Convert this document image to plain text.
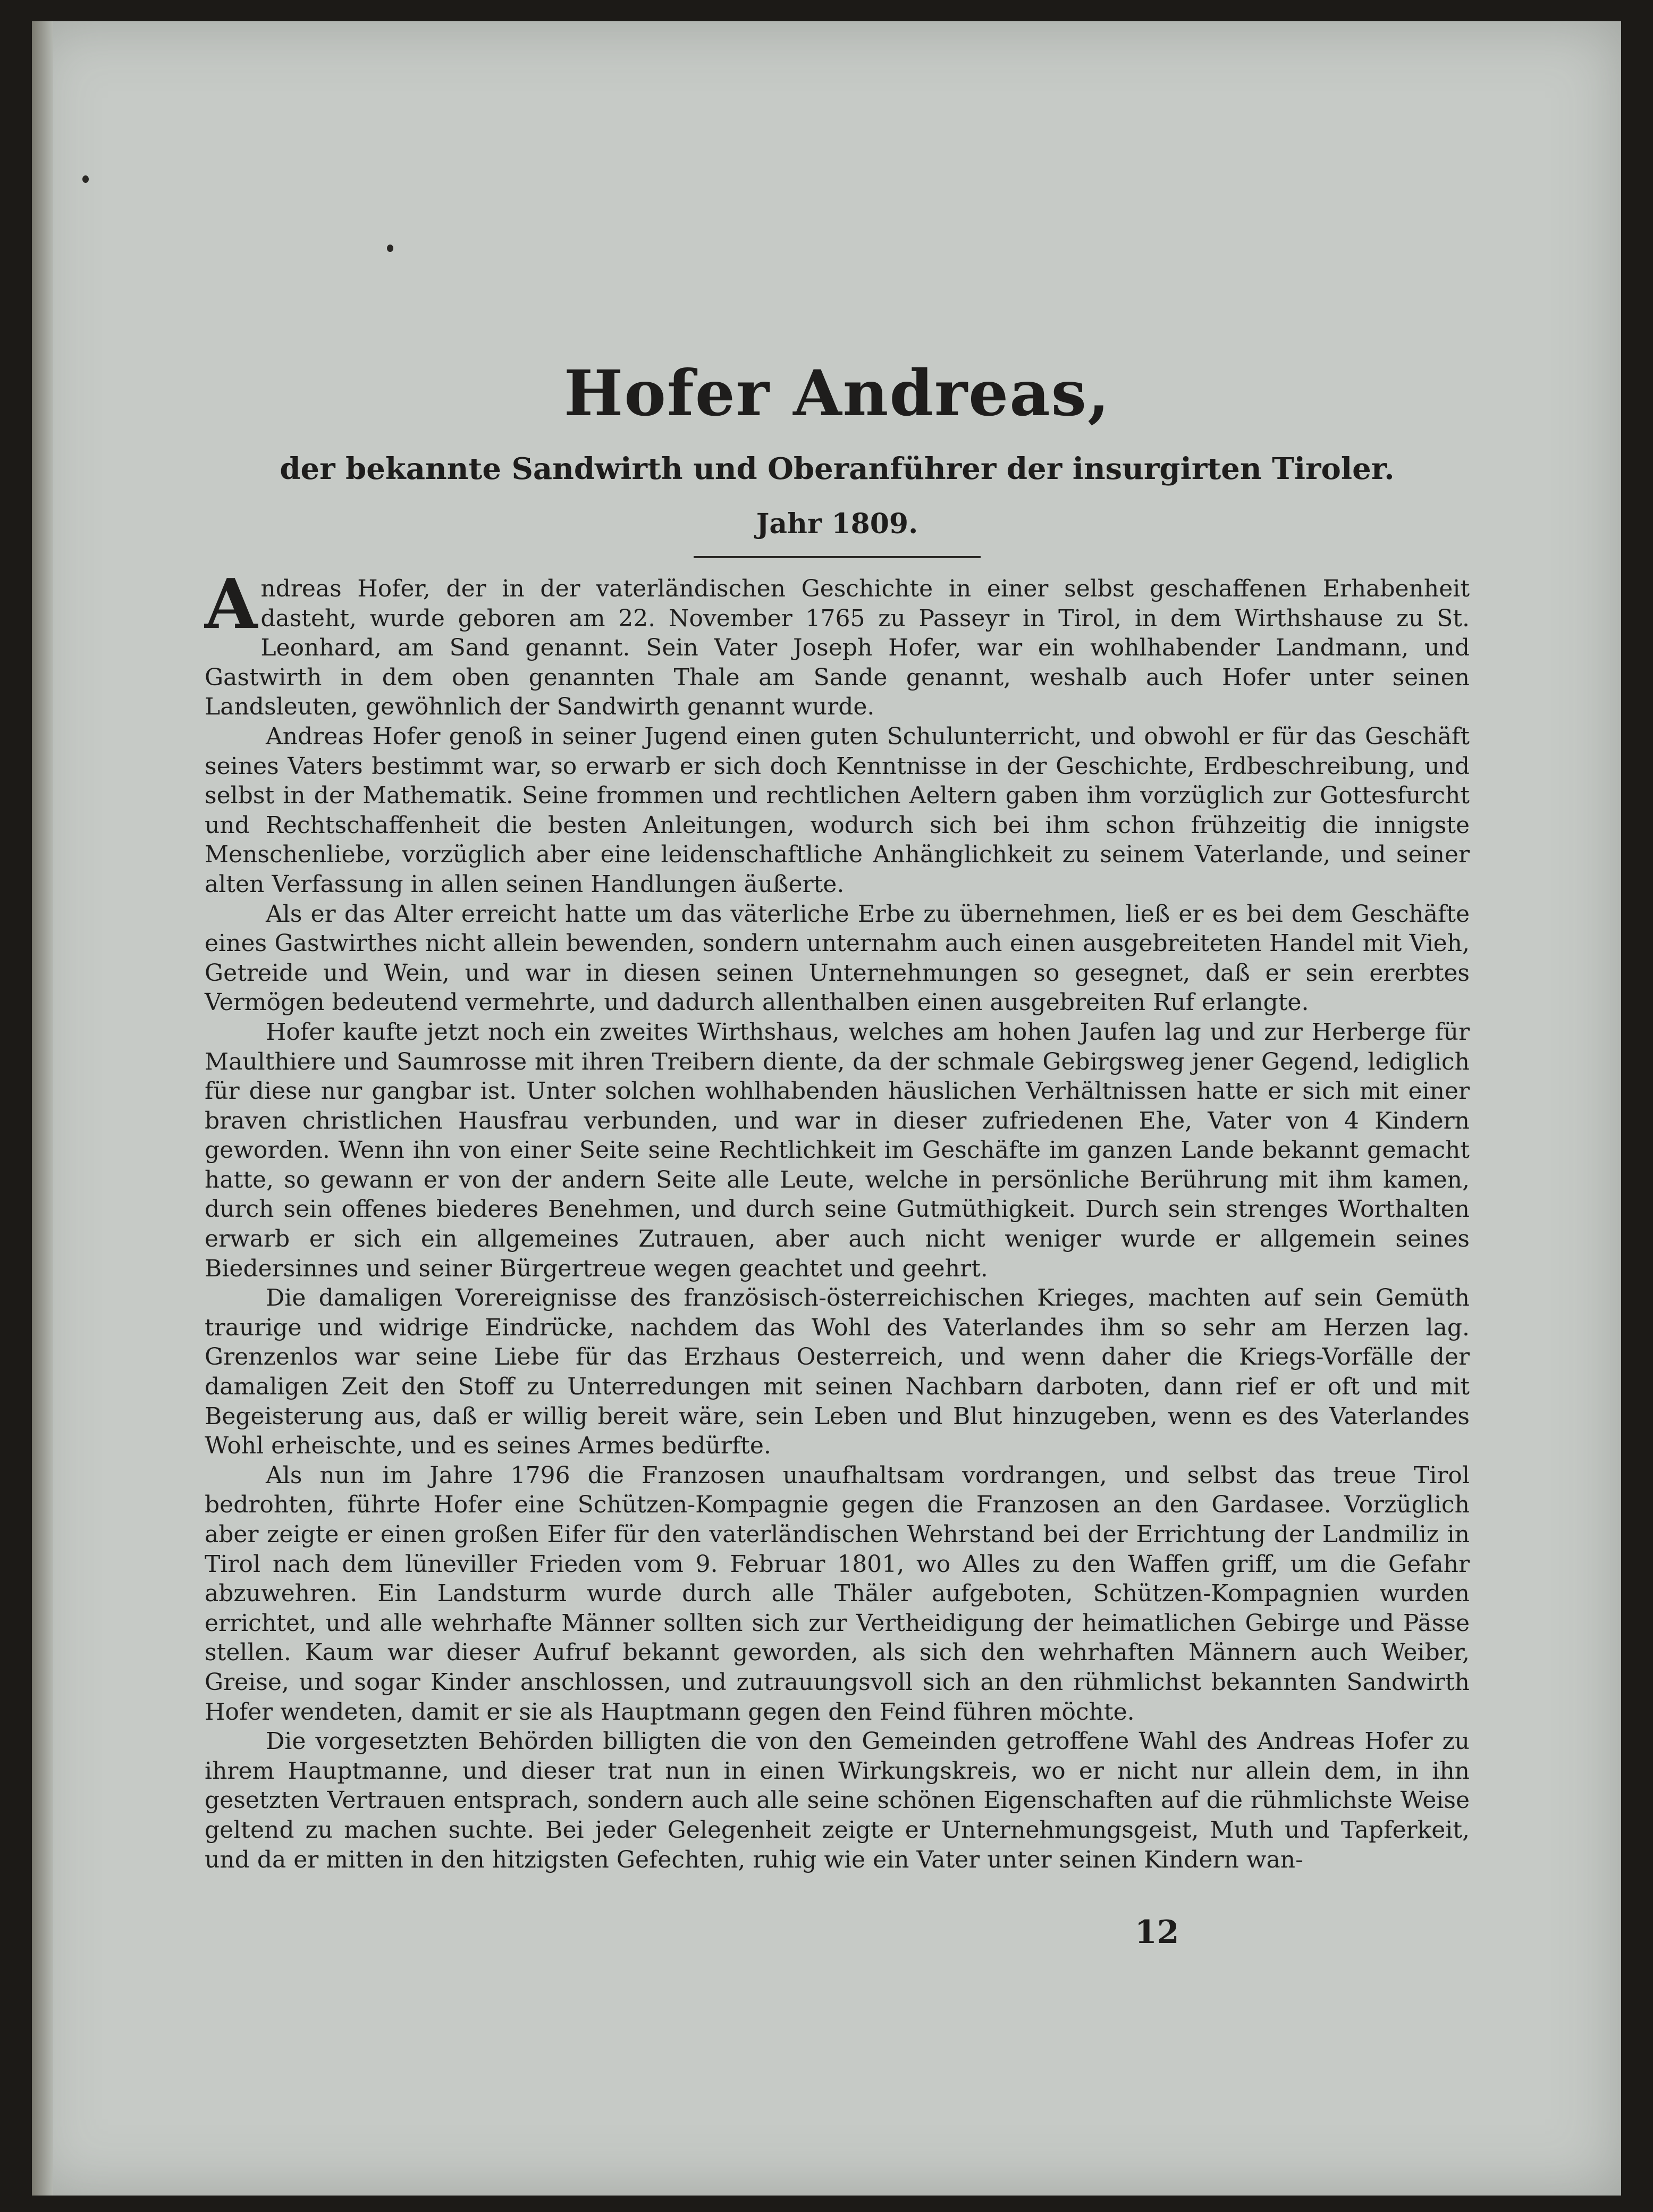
Hofer Andreas,
der bekannte Sandwirth und Oberanführer der insurgirten Tiroler.
Jahr 1809.

Andreas Hofer, der in der vaterländischen Geschichte in einer selbst geschaffenen Erhabenheit dasteht, wurde geboren am 22. November 1765 zu Passeyr in Tirol, in dem Wirthshause zu St. Leonhard, am Sand genannt. Sein Vater Joseph Hofer, war ein wohlhabender Landmann, und Gastwirth in dem oben genannten Thale am Sande genannt, weshalb auch Hofer unter seinen Landsleuten, gewöhnlich der Sandwirth genannt wurde.

Andreas Hofer genoß in seiner Jugend einen guten Schulunterricht, und obwohl er für das Geschäft seines Vaters bestimmt war, so erwarb er sich doch Kenntnisse in der Geschichte, Erdbeschreibung, und selbst in der Mathematik. Seine frommen und rechtlichen Aeltern gaben ihm vorzüglich zur Gottesfurcht und Rechtschaffenheit die besten Anleitungen, wodurch sich bei ihm schon frühzeitig die innigste Menschenliebe, vorzüglich aber eine leidenschaftliche Anhänglichkeit zu seinem Vaterlande, und seiner alten Verfassung in allen seinen Handlungen äußerte.

Als er das Alter erreicht hatte um das väterliche Erbe zu übernehmen, ließ er es bei dem Geschäfte eines Gastwirthes nicht allein bewenden, sondern unternahm auch einen ausgebreiteten Handel mit Vieh, Getreide und Wein, und war in diesen seinen Unternehmungen so gesegnet, daß er sein ererbtes Vermögen bedeutend vermehrte, und dadurch allenthalben einen ausgebreiten Ruf erlangte.

Hofer kaufte jetzt noch ein zweites Wirthshaus, welches am hohen Jaufen lag und zur Herberge für Maulthiere und Saumrosse mit ihren Treibern diente, da der schmale Gebirgsweg jener Gegend, lediglich für diese nur gangbar ist. Unter solchen wohlhabenden häuslichen Verhältnissen hatte er sich mit einer braven christlichen Hausfrau verbunden, und war in dieser zufriedenen Ehe, Vater von 4 Kindern geworden. Wenn ihn von einer Seite seine Rechtlichkeit im Geschäfte im ganzen Lande bekannt gemacht hatte, so gewann er von der andern Seite alle Leute, welche in persönliche Berührung mit ihm kamen, durch sein offenes biederes Benehmen, und durch seine Gutmüthigkeit. Durch sein strenges Worthalten erwarb er sich ein allgemeines Zutrauen, aber auch nicht weniger wurde er allgemein seines Biedersinnes und seiner Bürgertreue wegen geachtet und geehrt.

Die damaligen Vorereignisse des französisch-österreichischen Krieges, machten auf sein Gemüth traurige und widrige Eindrücke, nachdem das Wohl des Vaterlandes ihm so sehr am Herzen lag. Grenzenlos war seine Liebe für das Erzhaus Oesterreich, und wenn daher die Kriegs-Vorfälle der damaligen Zeit den Stoff zu Unterredungen mit seinen Nachbarn darboten, dann rief er oft und mit Begeisterung aus, daß er willig bereit wäre, sein Leben und Blut hinzugeben, wenn es des Vaterlandes Wohl erheischte, und es seines Armes bedürfte.

Als nun im Jahre 1796 die Franzosen unaufhaltsam vordrangen, und selbst das treue Tirol bedrohten, führte Hofer eine Schützen-Kompagnie gegen die Franzosen an den Gardasee. Vorzüglich aber zeigte er einen großen Eifer für den vaterländischen Wehrstand bei der Errichtung der Landmiliz in Tirol nach dem lüneviller Frieden vom 9. Februar 1801, wo Alles zu den Waffen griff, um die Gefahr abzuwehren. Ein Landsturm wurde durch alle Thäler aufgeboten, Schützen-Kompagnien wurden errichtet, und alle wehrhafte Männer sollten sich zur Vertheidigung der heimatlichen Gebirge und Pässe stellen. Kaum war dieser Aufruf bekannt geworden, als sich den wehrhaften Männern auch Weiber, Greise, und sogar Kinder anschlossen, und zutrauungsvoll sich an den rühmlichst bekannten Sandwirth Hofer wendeten, damit er sie als Hauptmann gegen den Feind führen möchte.

Die vorgesetzten Behörden billigten die von den Gemeinden getroffene Wahl des Andreas Hofer zu ihrem Hauptmanne, und dieser trat nun in einen Wirkungskreis, wo er nicht nur allein dem, in ihn gesetzten Vertrauen entsprach, sondern auch alle seine schönen Eigenschaften auf die rühmlichste Weise geltend zu machen suchte. Bei jeder Gelegenheit zeigte er Unternehmungsgeist, Muth und Tapferkeit, und da er mitten in den hitzigsten Gefechten, ruhig wie ein Vater unter seinen Kindern wan-

12
